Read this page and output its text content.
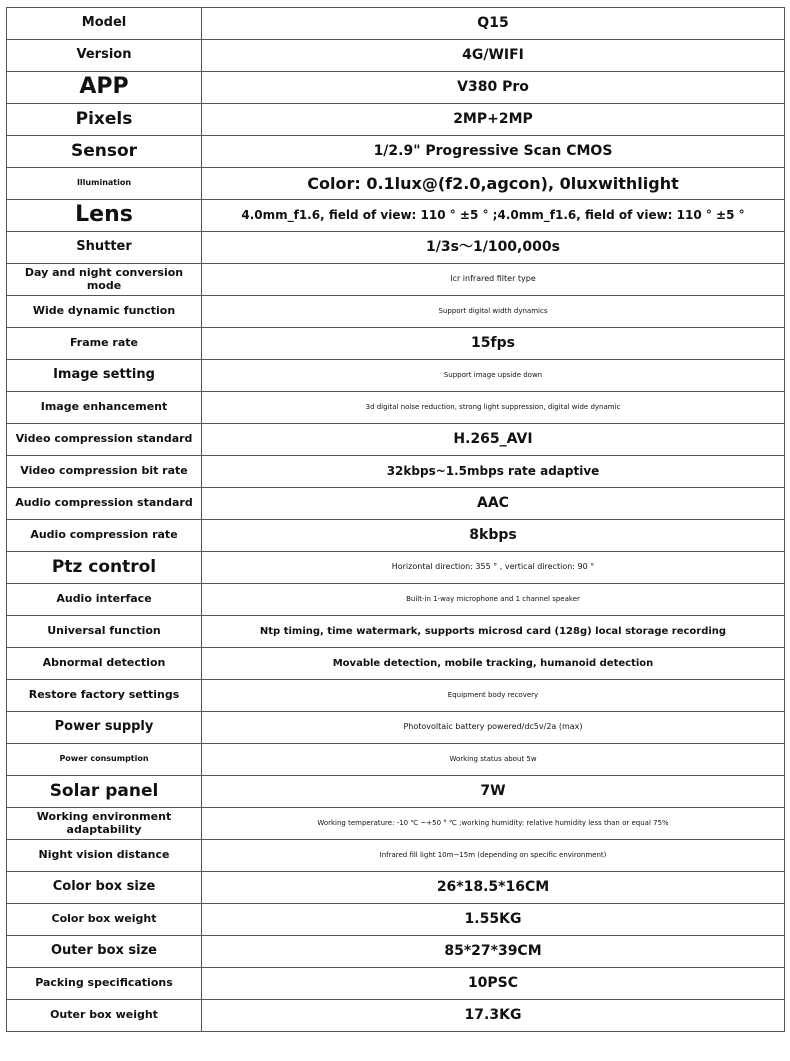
Model	Q15
Version	4G/WIFI
APP	V380 Pro
Pixels	2MP+2MP
Sensor	1/2.9" Progressive Scan CMOS
Illumination	Color: 0.1lux@(f2.0,agcon), 0luxwithlight
Lens	4.0mm_f1.6, field of view: 110 ° ±5 ° ;4.0mm_f1.6, field of view: 110 ° ±5 °
Shutter	1/3s～1/100,000s
Day and night conversion mode	Icr infrared filter type
Wide dynamic function	Support digital width dynamics
Frame rate	15fps
Image setting	Support image upside down
Image enhancement	3d digital noise reduction, strong light suppression, digital wide dynamic
Video compression standard	H.265_AVI
Video compression bit rate	32kbps~1.5mbps rate adaptive
Audio compression standard	AAC
Audio compression rate	8kbps
Ptz control	Horizontal direction: 355 ° , vertical direction: 90 °
Audio interface	Built-in 1-way microphone and 1 channel speaker
Universal function	Ntp timing, time watermark, supports microsd card (128g) local storage recording
Abnormal detection	Movable detection, mobile tracking, humanoid detection
Restore factory settings	Equipment body recovery
Power supply	Photovoltaic battery powered/dc5v/2a (max)
Power consumption	Working status about 5w
Solar panel	7W
Working environment adaptability	Working temperature: -10 ℃ ~+50 ° ℃ ;working humidity: relative humidity less than or equal 75%
Night vision distance	Infrared fill light 10m~15m (depending on specific environment)
Color box size	26*18.5*16CM
Color box weight	1.55KG
Outer box size	85*27*39CM
Packing specifications	10PSC
Outer box weight	17.3KG
